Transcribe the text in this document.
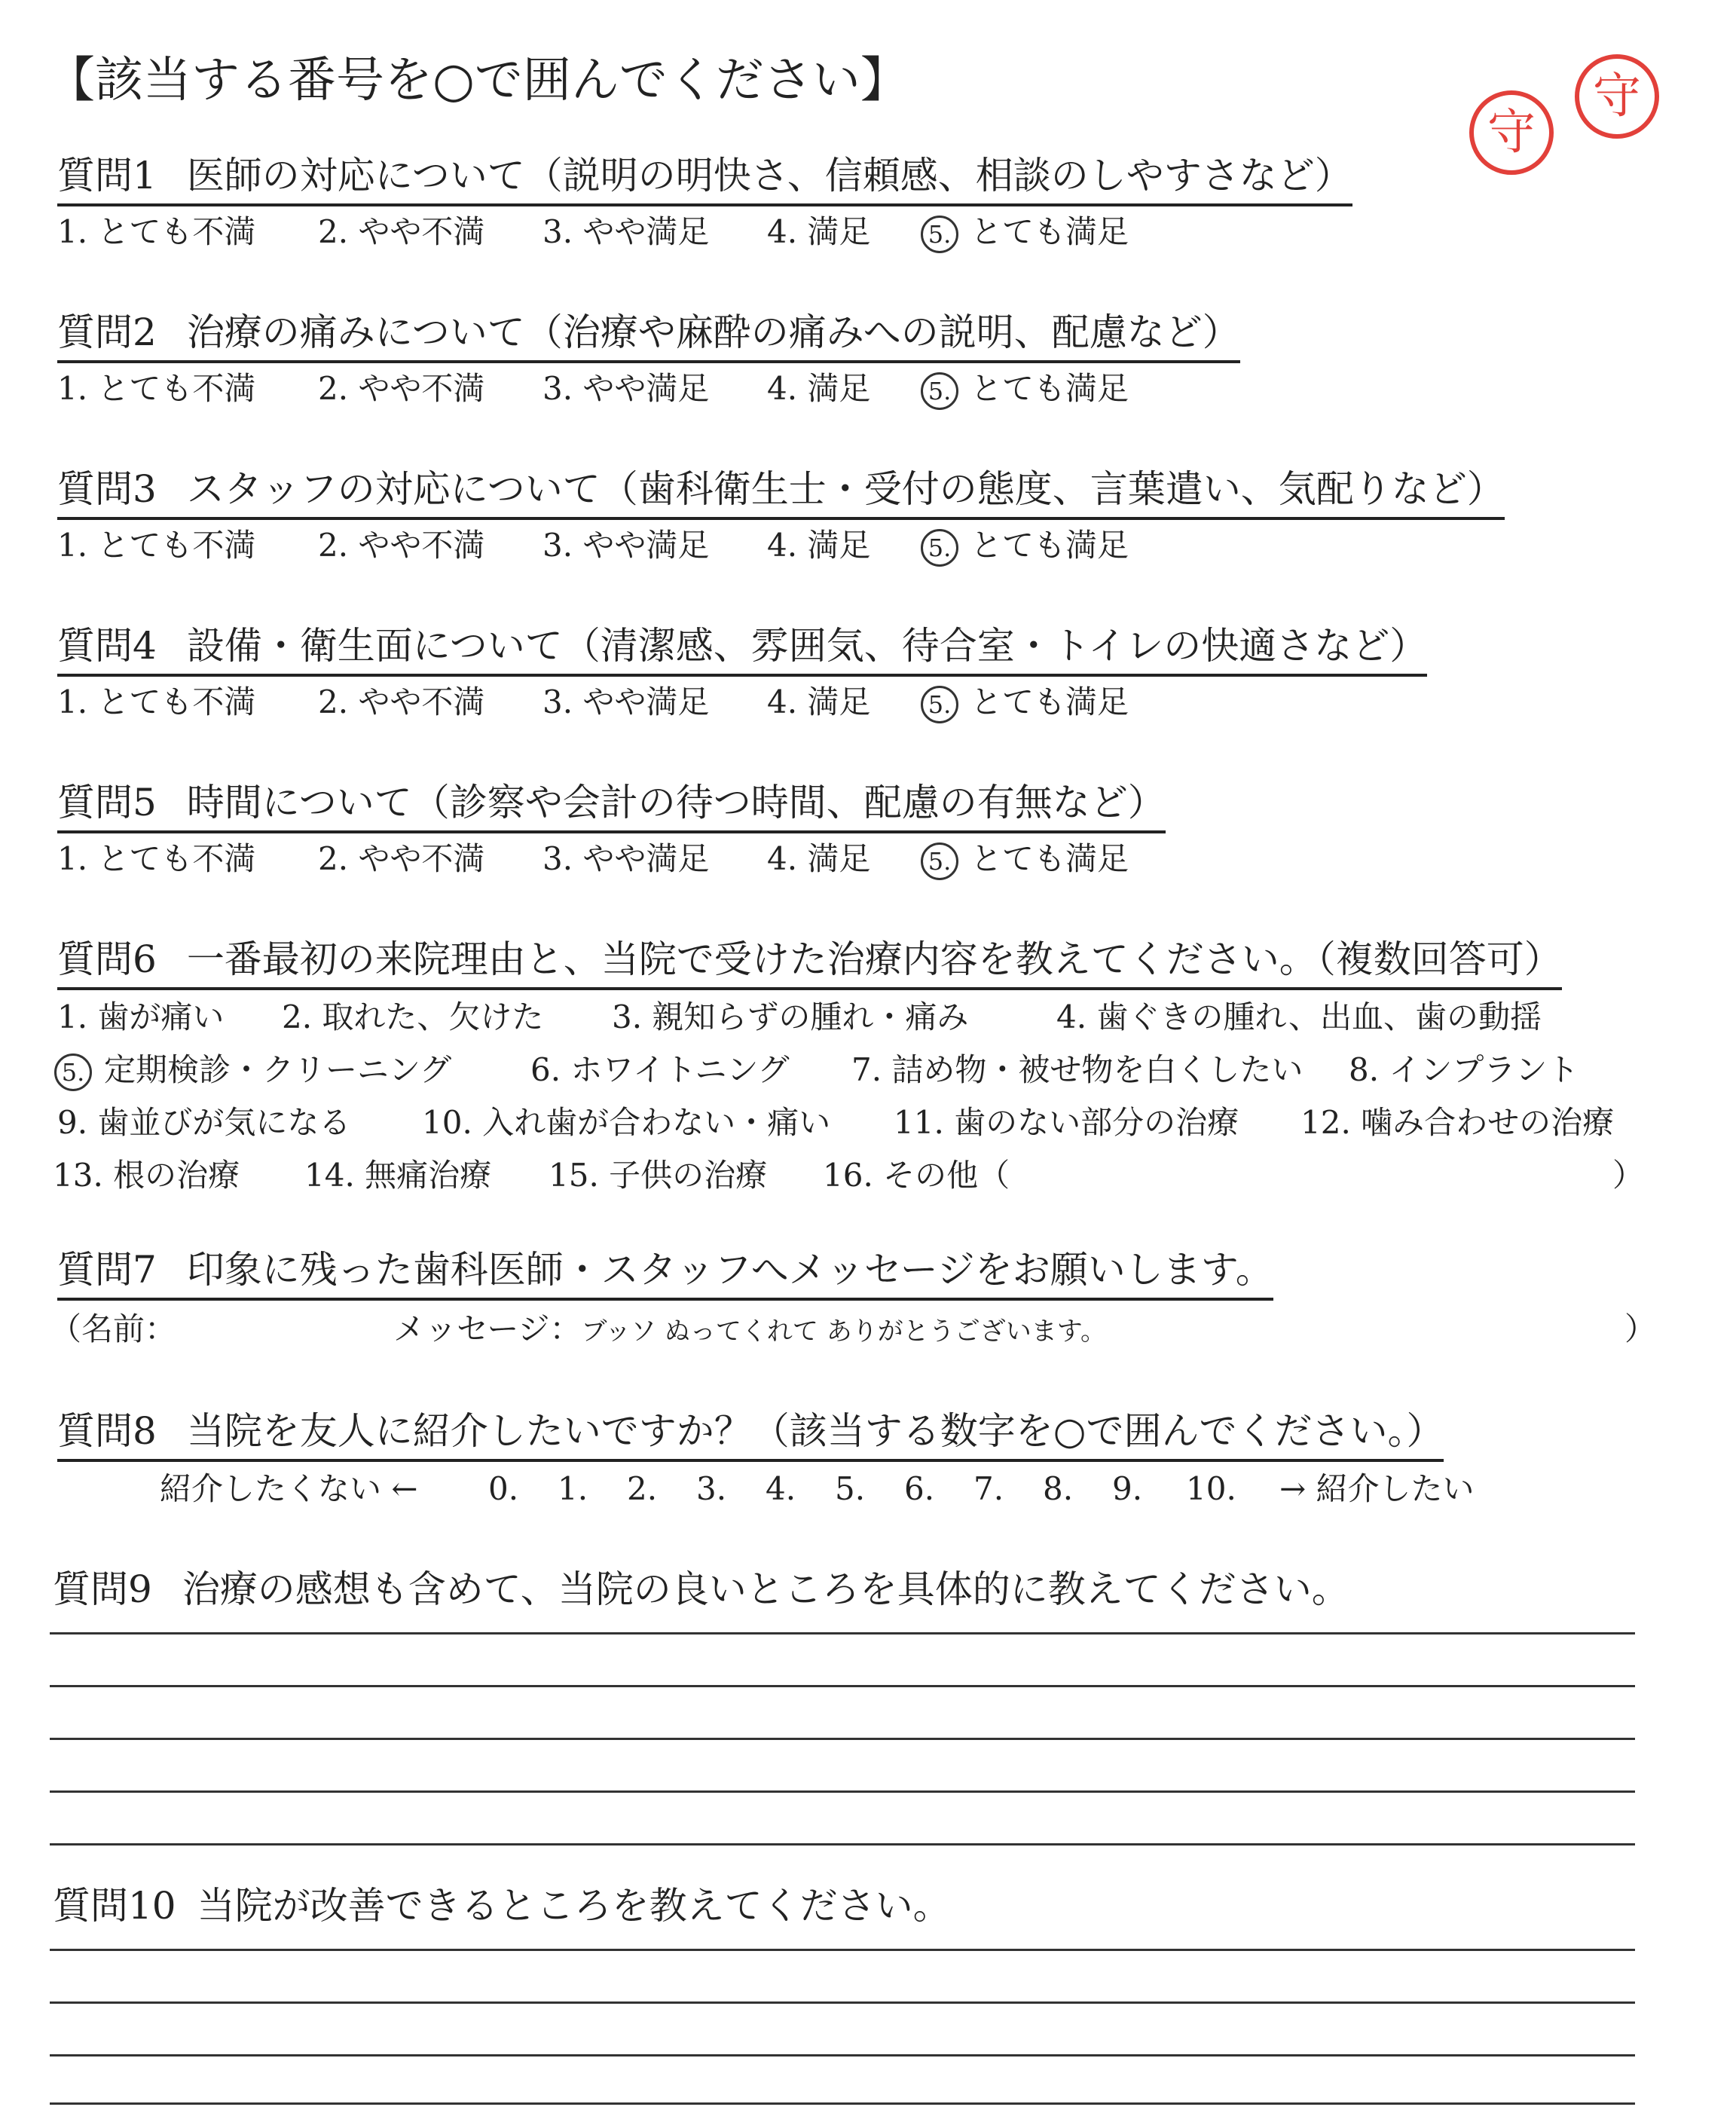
【該当する番号を○で囲んでください】
守
守
質問1 医師の対応について（説明の明快さ、信頼感、相談のしやすさなど）
1. とても不満 2. やや不満 3. やや満足 4. 満足	5. とても満足
質問2 治療の痛みについて（治療や麻酔の痛みへの説明、配慮など）
1. とても不満 2. やや不満 3. やや満足 4. 満足	5. とても満足
質問3 スタッフの対応について（歯科衛生士・受付の態度、言葉遣い、気配りなど）
1. とても不満 2. やや不満 3. やや満足 4. 満足	5. とても満足
質問4 設備・衛生面について（清潔感、雰囲気、待合室・トイレの快適さなど）
1. とても不満 2. やや不満 3. やや満足 4. 満足	5. とても満足
質問5 時間について（診察や会計の待つ時間、配慮の有無など）
1. とても不満 2. やや不満 3. やや満足 4. 満足	5. とても満足
質問6 一番最初の来院理由と、当院で受けた治療内容を教えてください。（複数回答可）
1. 歯が痛い 2. 取れた、欠けた 3. 親知らずの腫れ・痛み	4. 歯ぐきの腫れ、出血、歯の動揺
5. 定期検診・クリーニング 6. ホワイトニング 7. 詰め物・被せ物を白くしたい 8. インプラント
9. 歯並びが気になる 10. 入れ歯が合わない・痛い 11. 歯のない部分の治療 12. 噛み合わせの治療
13. 根の治療 14. 無痛治療 15. 子供の治療 16. その他（	）
質問7 印象に残った歯科医師・スタッフへメッセージをお願いします。
（名前：	メッセージ：ブッソ ぬってくれて ありがとうございます。	）
質問8 当院を友人に紹介したいですか？（該当する数字を○で囲んでください。）
紹介したくない ← 0. 1. 2. 3. 4. 5. 6. 7. 8. 9. 10. → 紹介したい
質問9 治療の感想も含めて、当院の良いところを具体的に教えてください。
質問10 当院が改善できるところを教えてください。
